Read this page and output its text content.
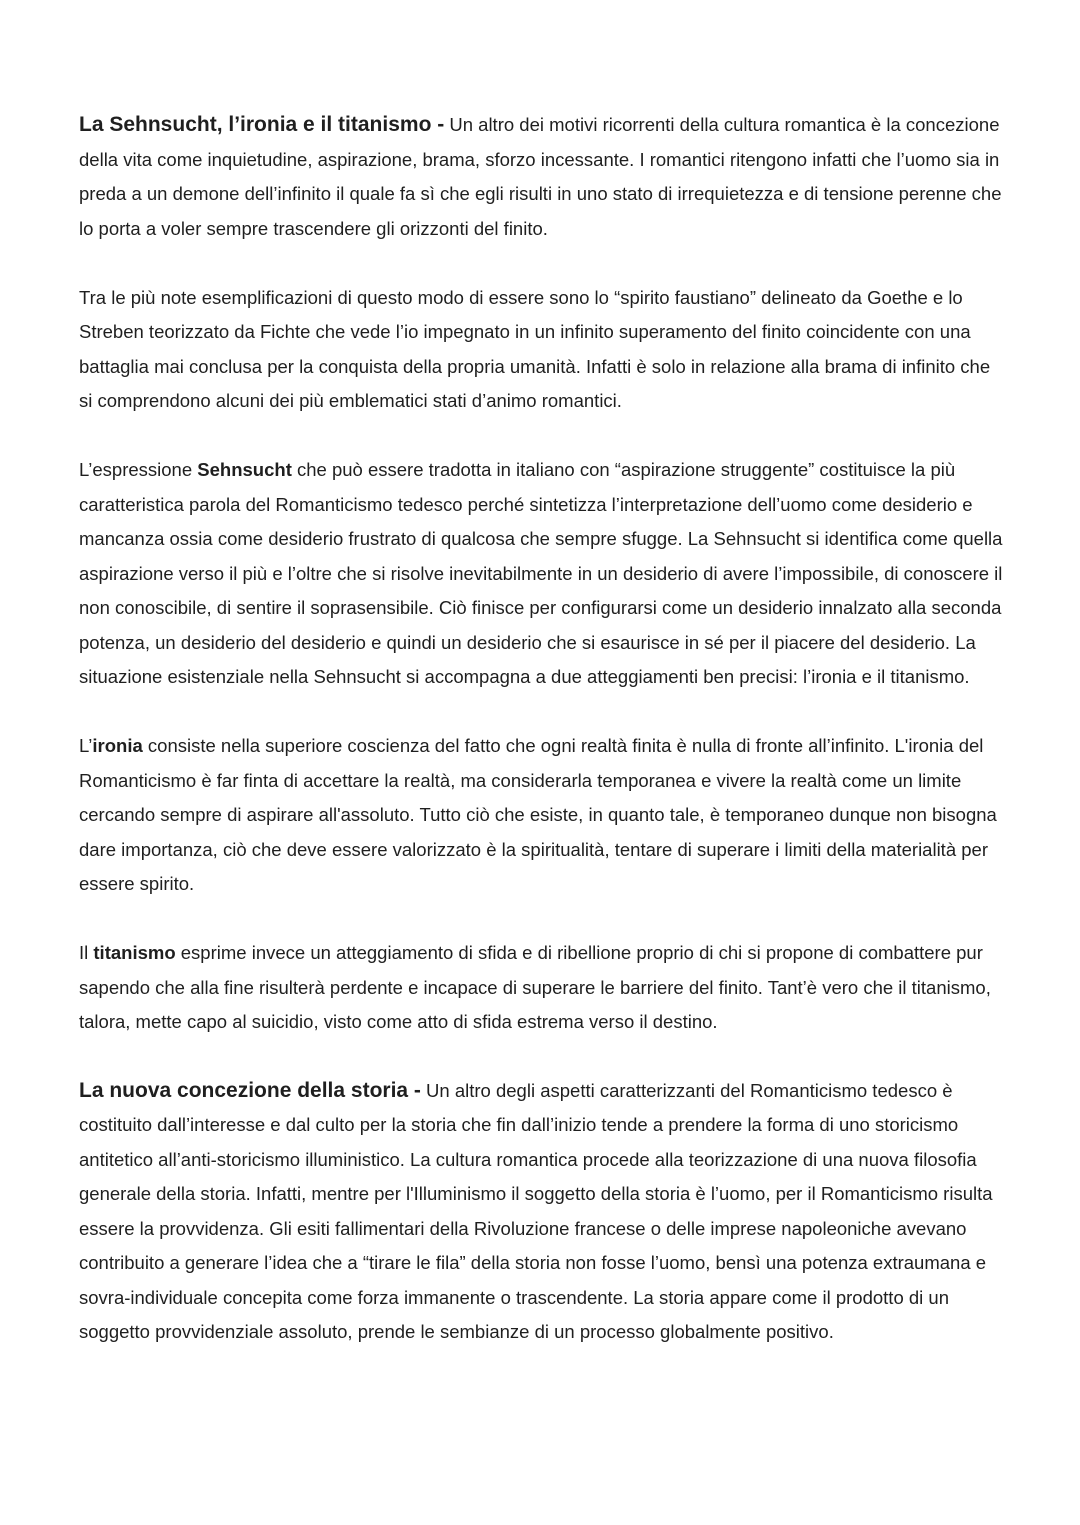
La Sehnsucht, l’ironia e il titanismo - Un altro dei motivi ricorrenti della cultura romantica è la concezione della vita come inquietudine, aspirazione, brama, sforzo incessante. I romantici ritengono infatti che l’uomo sia in preda a un demone dell’infinito il quale fa sì che egli risulti in uno stato di irrequietezza e di tensione perenne che lo porta a voler sempre trascendere gli orizzonti del finito.

Tra le più note esemplificazioni di questo modo di essere sono lo “spirito faustiano” delineato da Goethe e lo Streben teorizzato da Fichte che vede l’io impegnato in un infinito superamento del finito coincidente con una battaglia mai conclusa per la conquista della propria umanità. Infatti è solo in relazione alla brama di infinito che si comprendono alcuni dei più emblematici stati d’animo romantici.

L’espressione Sehnsucht che può essere tradotta in italiano con “aspirazione struggente” costituisce la più caratteristica parola del Romanticismo tedesco perché sintetizza l’interpretazione dell’uomo come desiderio e mancanza ossia come desiderio frustrato di qualcosa che sempre sfugge. La Sehnsucht si identifica come quella aspirazione verso il più e l’oltre che si risolve inevitabilmente in un desiderio di avere l’impossibile, di conoscere il non conoscibile, di sentire il soprasensibile. Ciò finisce per configurarsi come un desiderio innalzato alla seconda potenza, un desiderio del desiderio e quindi un desiderio che si esaurisce in sé per il piacere del desiderio. La situazione esistenziale nella Sehnsucht si accompagna a due atteggiamenti ben precisi: l’ironia e il titanismo.

L’ironia consiste nella superiore coscienza del fatto che ogni realtà finita è nulla di fronte all’infinito. L'ironia del Romanticismo è far finta di accettare la realtà, ma considerarla temporanea e vivere la realtà come un limite cercando sempre di aspirare all'assoluto. Tutto ciò che esiste, in quanto tale, è temporaneo dunque non bisogna dare importanza, ciò che deve essere valorizzato è la spiritualità, tentare di superare i limiti della materialità per essere spirito.

Il titanismo esprime invece un atteggiamento di sfida e di ribellione proprio di chi si propone di combattere pur sapendo che alla fine risulterà perdente e incapace di superare le barriere del finito. Tant’è vero che il titanismo, talora, mette capo al suicidio, visto come atto di sfida estrema verso il destino.

La nuova concezione della storia - Un altro degli aspetti caratterizzanti del Romanticismo tedesco è costituito dall’interesse e dal culto per la storia che fin dall’inizio tende a prendere la forma di uno storicismo antitetico all’anti-storicismo illuministico. La cultura romantica procede alla teorizzazione di una nuova filosofia generale della storia. Infatti, mentre per l'Illuminismo il soggetto della storia è l’uomo, per il Romanticismo risulta essere la provvidenza. Gli esiti fallimentari della Rivoluzione francese o delle imprese napoleoniche avevano contribuito a generare l’idea che a “tirare le fila” della storia non fosse l’uomo, bensì una potenza extraumana e sovra-individuale concepita come forza immanente o trascendente. La storia appare come il prodotto di un soggetto provvidenziale assoluto, prende le sembianze di un processo globalmente positivo.
